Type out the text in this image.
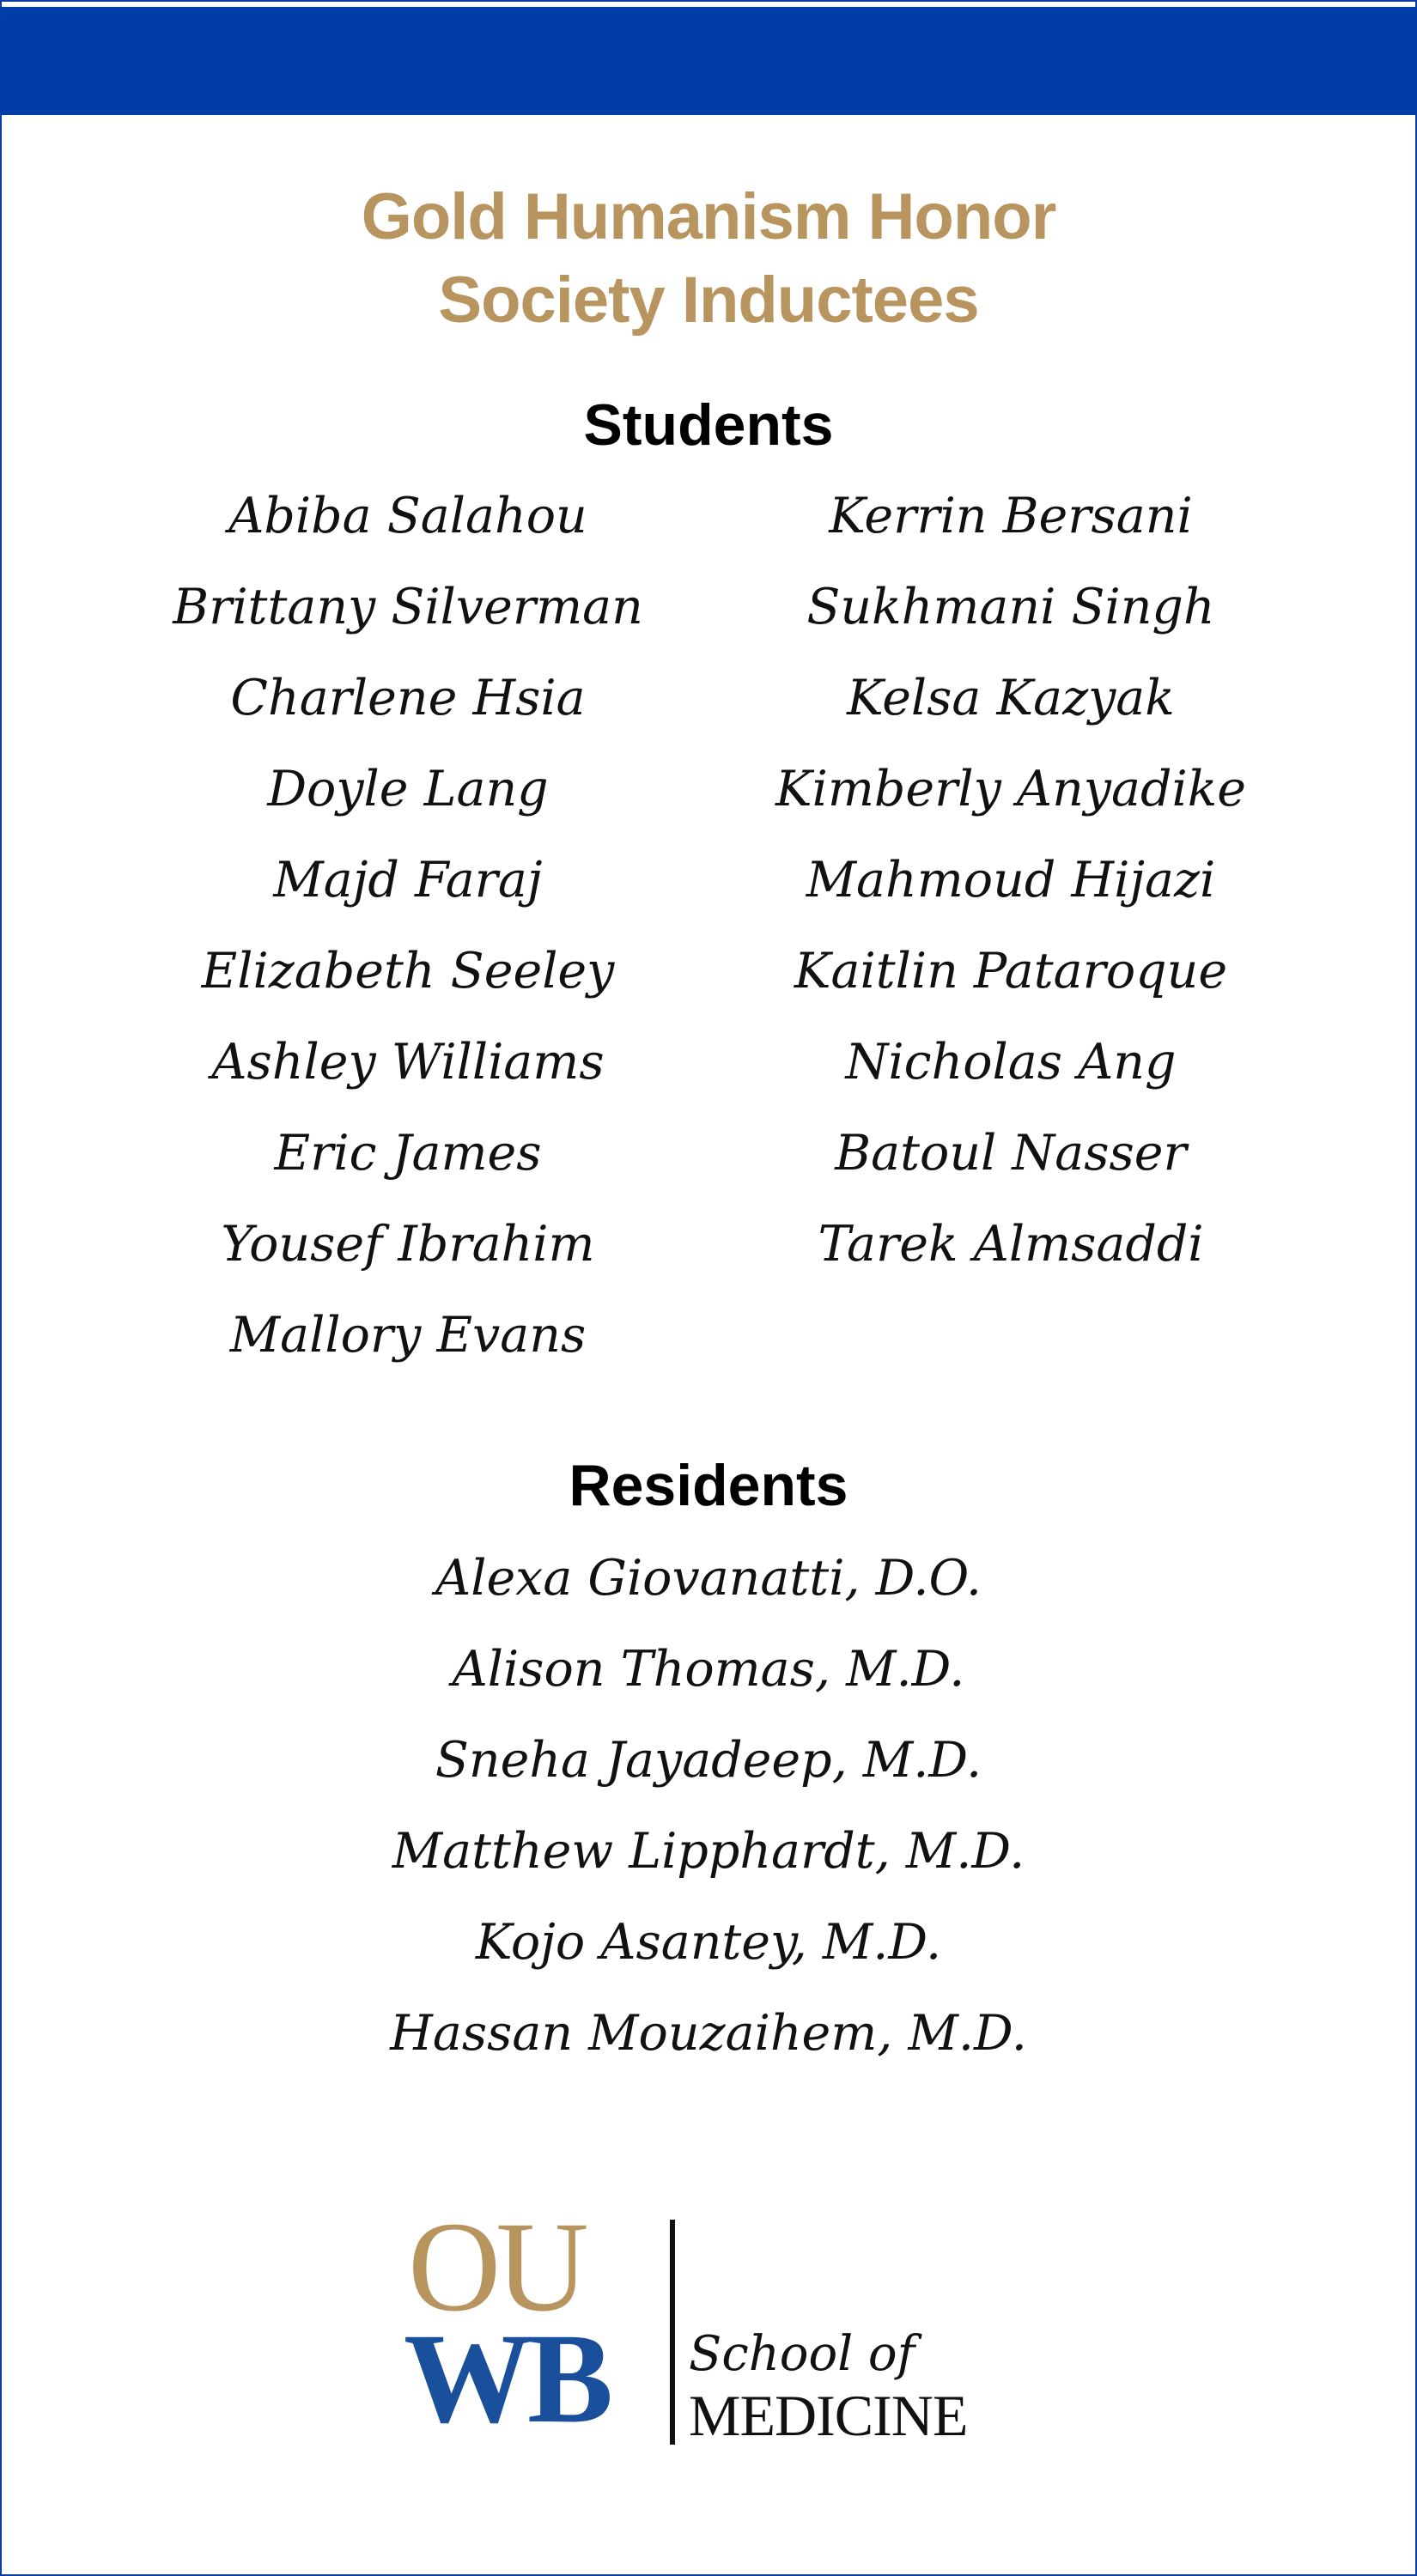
Gold Humanism Honor
Society Inductees
Students
Abiba Salahou
Brittany Silverman
Charlene Hsia
Doyle Lang
Majd Faraj
Elizabeth Seeley
Ashley Williams
Eric James
Yousef Ibrahim
Mallory Evans
Kerrin Bersani
Sukhmani Singh
Kelsa Kazyak
Kimberly Anyadike
Mahmoud Hijazi
Kaitlin Pataroque
Nicholas Ang
Batoul Nasser
Tarek Almsaddi
Residents
Alexa Giovanatti, D.O.
Alison Thomas, M.D.
Sneha Jayadeep, M.D.
Matthew Lipphardt, M.D.
Kojo Asantey, M.D.
Hassan Mouzaihem, M.D.
OU
WB School of
MEDICINE
